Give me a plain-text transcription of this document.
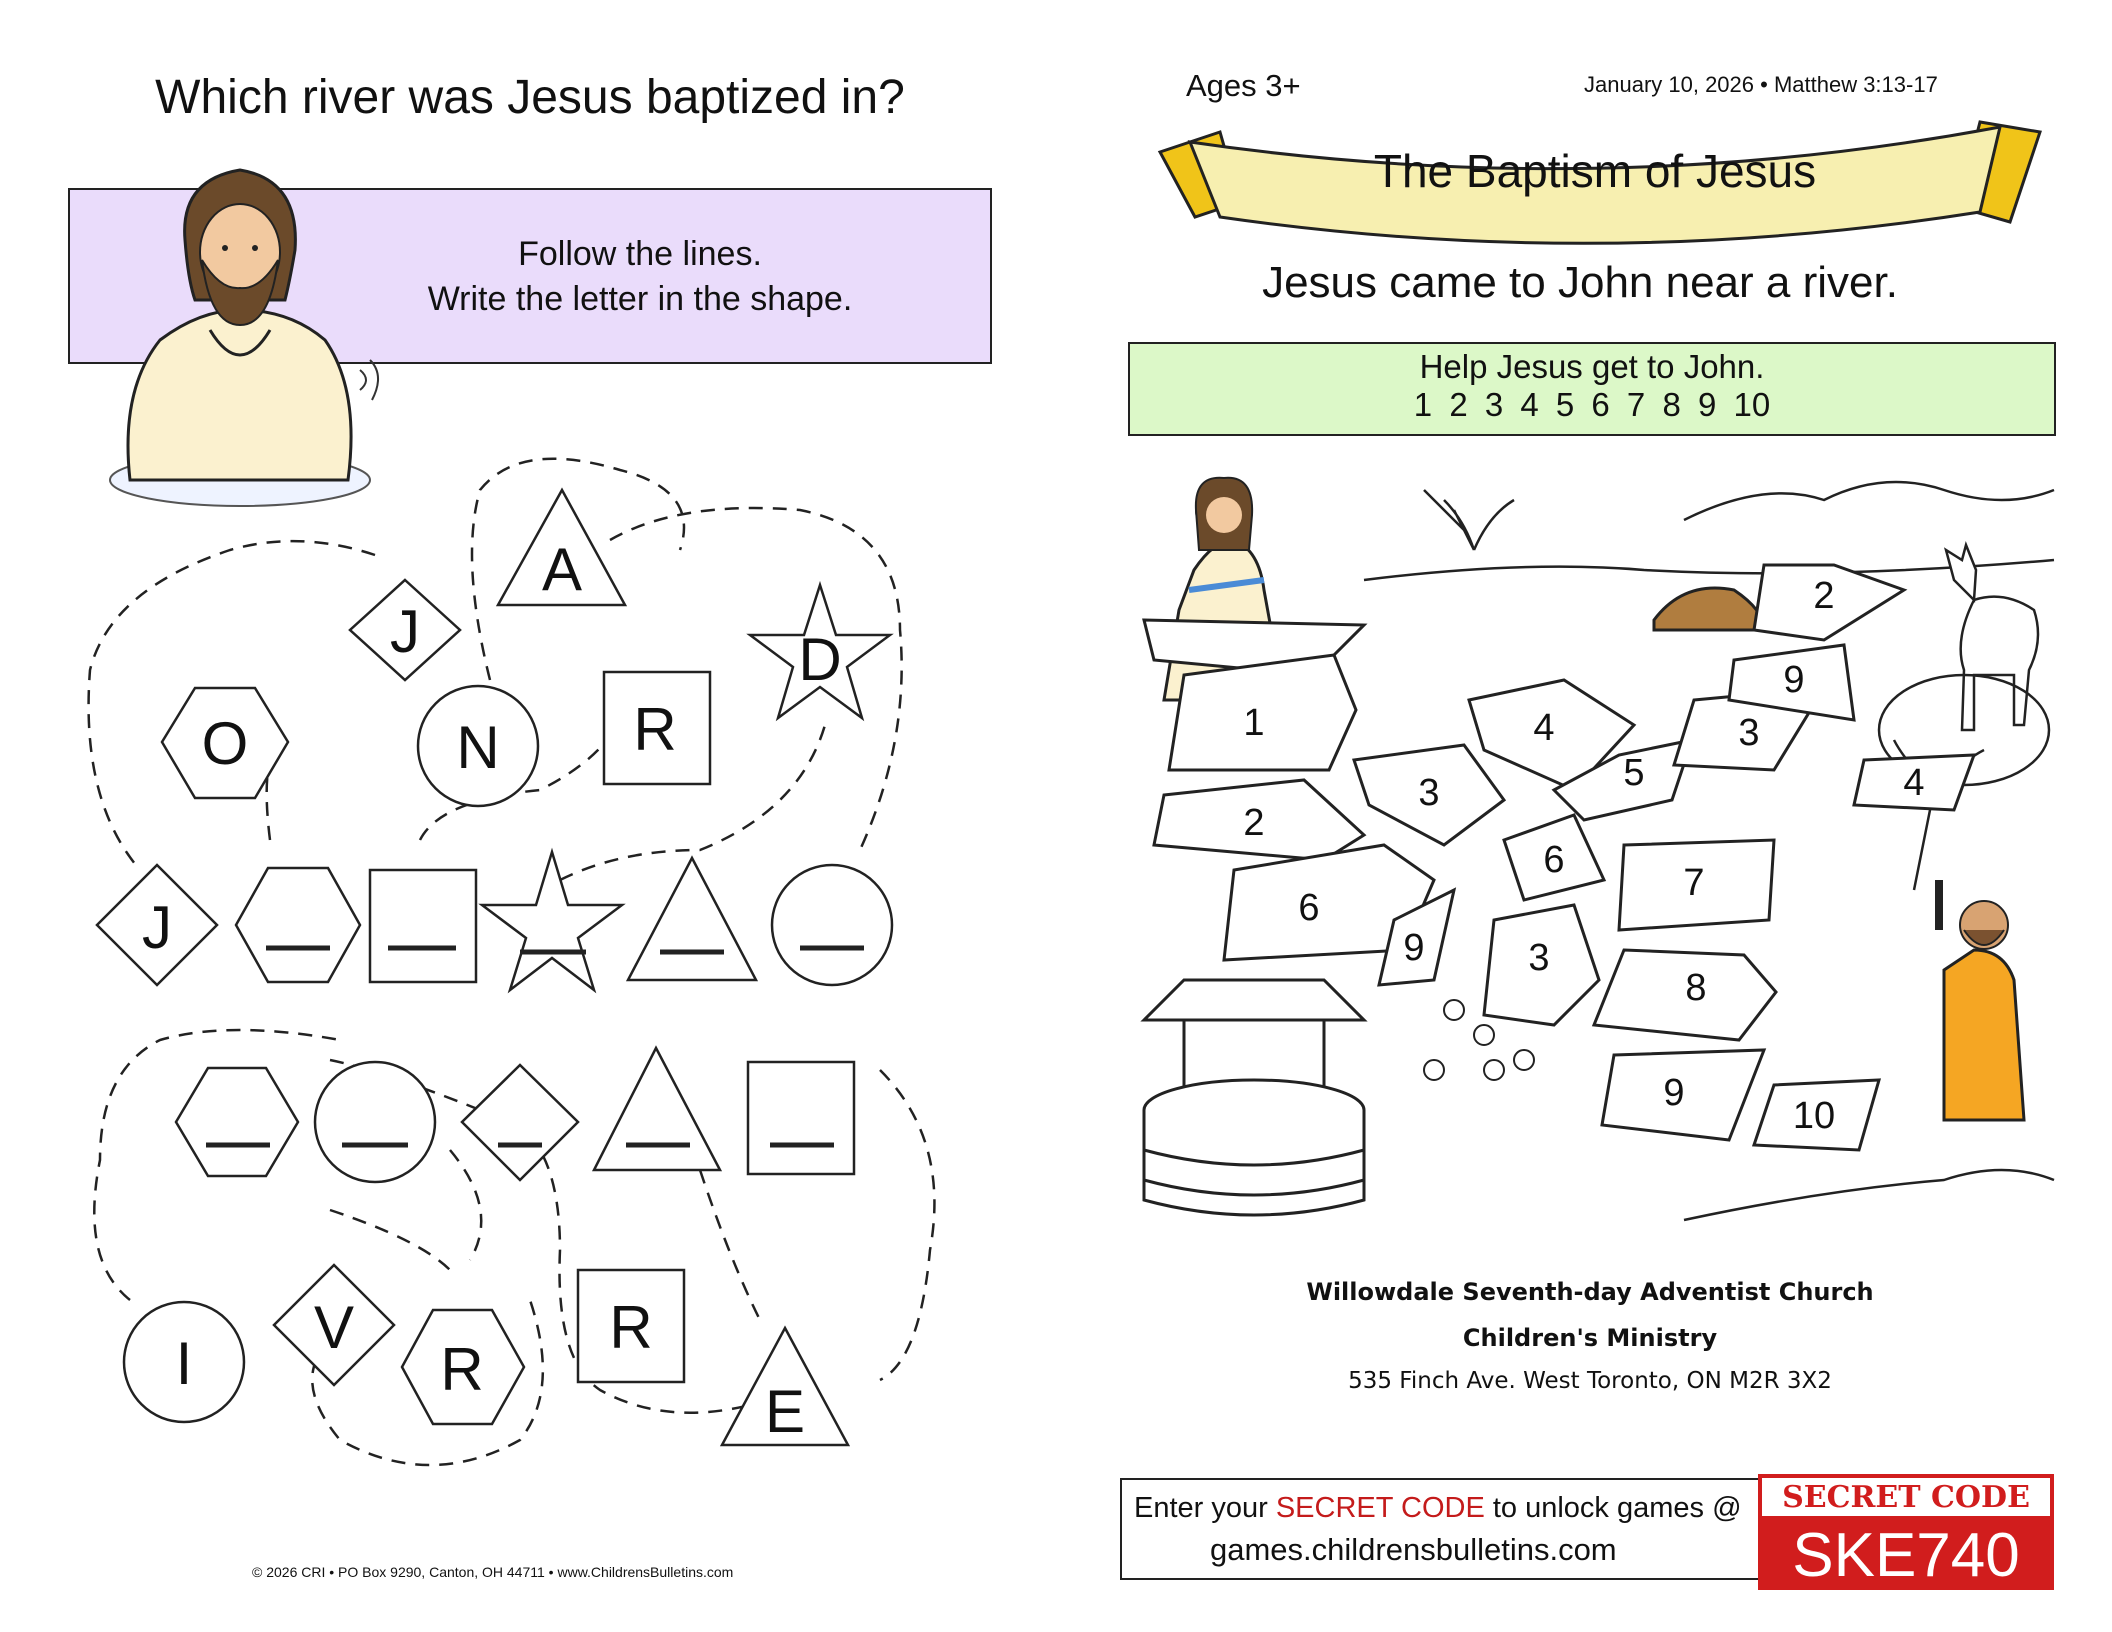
Which river was Jesus baptized in?
Follow the lines.
Write the letter in the shape.
J
A
O	N R
D
J
I
V
R
R
E
© 2026 CRI • PO Box 9290, Canton, OH 44711 • www.ChildrensBulletins.com
Ages 3+	January 10, 2026 • Matthew 3:13-17
The Baptism of Jesus
Jesus came to John near a river.
Help Jesus get to John.
1 2 3 4 5 6 7 8 9 10
1
2
6
3
4
5
3
9
2
4
6
7
9	3
8
9
10
Willowdale Seventh-day Adventist Church
Children's Ministry
535 Finch Ave. West Toronto, ON M2R 3X2
Enter your SECRET CODE to unlock games @
games.childrensbulletins.com
SECRET CODE
SKE740
